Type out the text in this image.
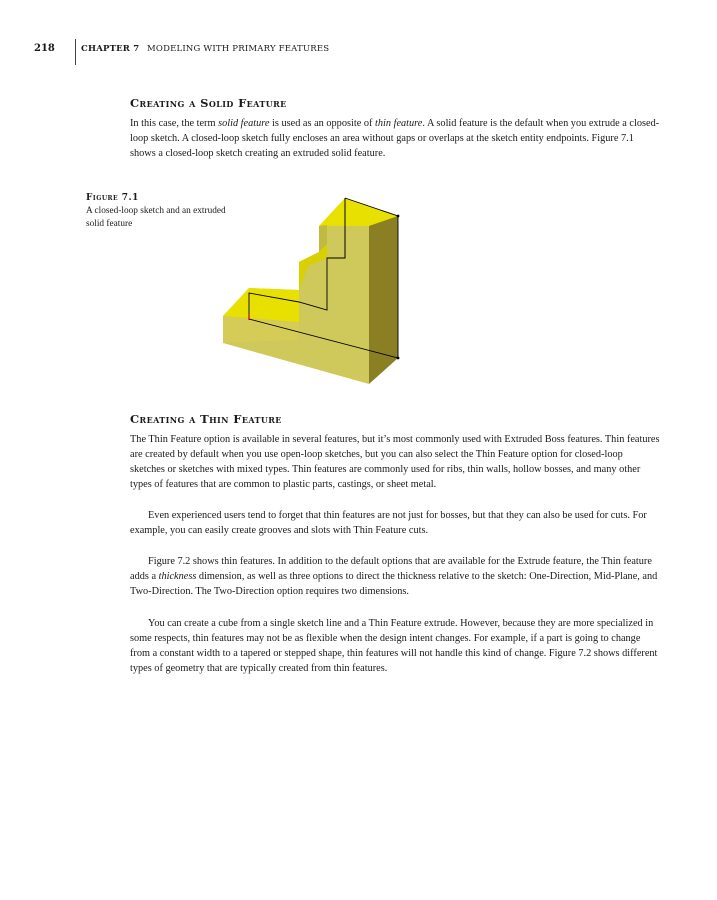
218	CHAPTER 7 MODELING WITH PRIMARY FEATURES
Creating a Solid Feature

In this case, the term solid feature is used as an opposite of thin feature. A solid feature is the default when you extrude a closed-loop sketch. A closed-loop sketch fully encloses an area without gaps or overlaps at the sketch entity endpoints. Figure 7.1 shows a closed-loop sketch creating an extruded solid feature.

Figure 7.1
A closed-loop sketch and an extruded solid feature
Creating a Thin Feature

The Thin Feature option is available in several features, but it’s most commonly used with Extruded Boss features. Thin features are created by default when you use open-loop sketches, but you can also select the Thin Feature option for closed-loop sketches or sketches with mixed types. Thin features are commonly used for ribs, thin walls, hollow bosses, and many other types of features that are common to plastic parts, castings, or sheet metal.

Even experienced users tend to forget that thin features are not just for bosses, but that they can also be used for cuts. For example, you can easily create grooves and slots with Thin Feature cuts.

Figure 7.2 shows thin features. In addition to the default options that are available for the Extrude feature, the Thin feature adds a thickness dimension, as well as three options to direct the thickness relative to the sketch: One-Direction, Mid-Plane, and Two-Direction. The Two-Direction option requires two dimensions.

You can create a cube from a single sketch line and a Thin Feature extrude. However, because they are more specialized in some respects, thin features may not be as flexible when the design intent changes. For example, if a part is going to change from a constant width to a tapered or stepped shape, thin features will not handle this kind of change. Figure 7.2 shows different types of geometry that are typically created from thin features.
